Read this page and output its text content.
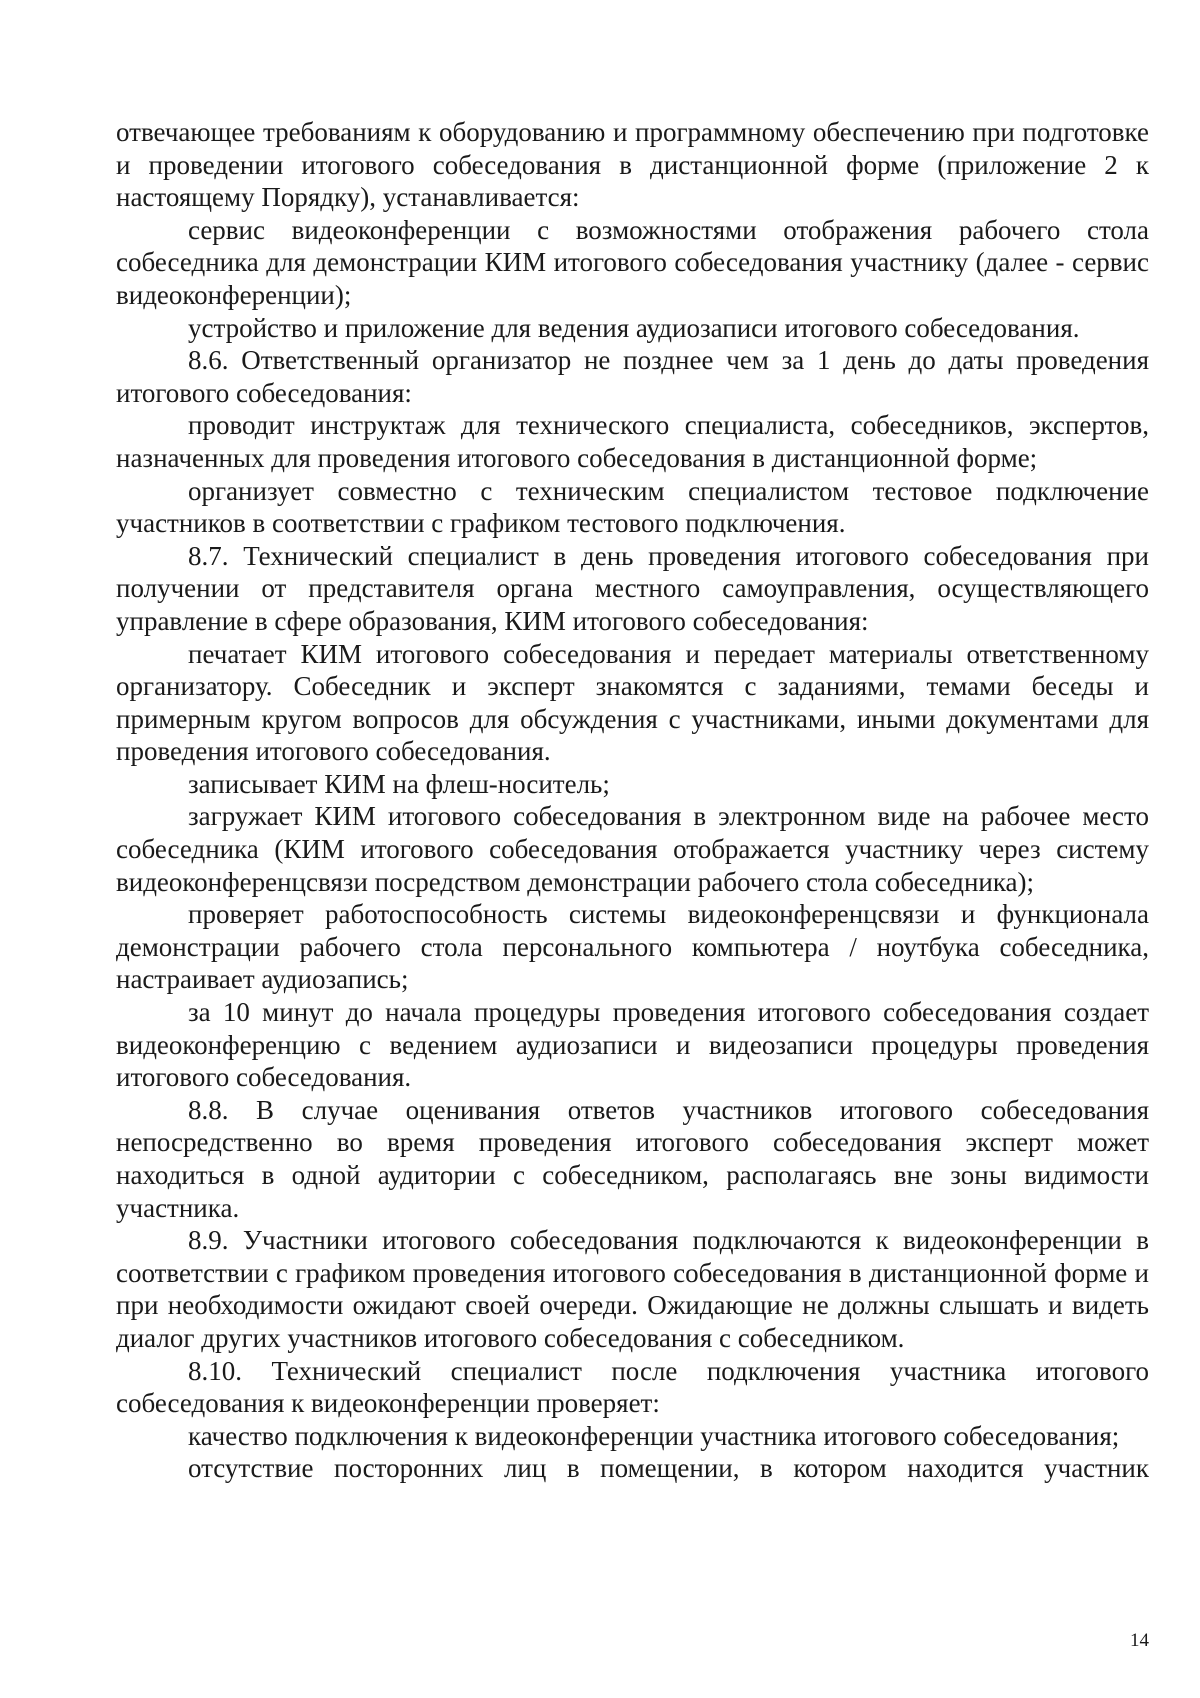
отвечающее требованиям к оборудованию и программному обеспечению при подготовке и проведении итогового собеседования в дистанционной форме (приложение 2 к настоящему Порядку), устанавливается:

сервис видеоконференции с возможностями отображения рабочего стола собеседника для демонстрации КИМ итогового собеседования участнику (далее - сервис видеоконференции);

устройство и приложение для ведения аудиозаписи итогового собеседования.

8.6. Ответственный организатор не позднее чем за 1 день до даты проведения итогового собеседования:

проводит инструктаж для технического специалиста, собеседников, экспертов, назначенных для проведения итогового собеседования в дистанционной форме;

организует совместно с техническим специалистом тестовое подключение участников в соответствии с графиком тестового подключения.

8.7. Технический специалист в день проведения итогового собеседования при получении от представителя органа местного самоуправления, осуществляющего управление в сфере образования, КИМ итогового собеседования:

печатает КИМ итогового собеседования и передает материалы ответственному организатору. Собеседник и эксперт знакомятся с заданиями, темами беседы и примерным кругом вопросов для обсуждения с участниками, иными документами для проведения итогового собеседования.

записывает КИМ на флеш-носитель;

загружает КИМ итогового собеседования в электронном виде на рабочее место собеседника (КИМ итогового собеседования отображается участнику через систему видеоконференцсвязи посредством демонстрации рабочего стола собеседника);

проверяет работоспособность системы видеоконференцсвязи и функционала демонстрации рабочего стола персонального компьютера / ноутбука собеседника, настраивает аудиозапись;

за 10 минут до начала процедуры проведения итогового собеседования создает видеоконференцию с ведением аудиозаписи и видеозаписи процедуры проведения итогового собеседования.

8.8. В случае оценивания ответов участников итогового собеседования непосредственно во время проведения итогового собеседования эксперт может находиться в одной аудитории с собеседником, располагаясь вне зоны видимости участника.

8.9. Участники итогового собеседования подключаются к видеоконференции в соответствии с графиком проведения итогового собеседования в дистанционной форме и при необходимости ожидают своей очереди. Ожидающие не должны слышать и видеть диалог других участников итогового собеседования с собеседником.

8.10. Технический специалист после подключения участника итогового собеседования к видеоконференции проверяет:

качество подключения к видеоконференции участника итогового собеседования;

отсутствие посторонних лиц в помещении, в котором находится участник

14
